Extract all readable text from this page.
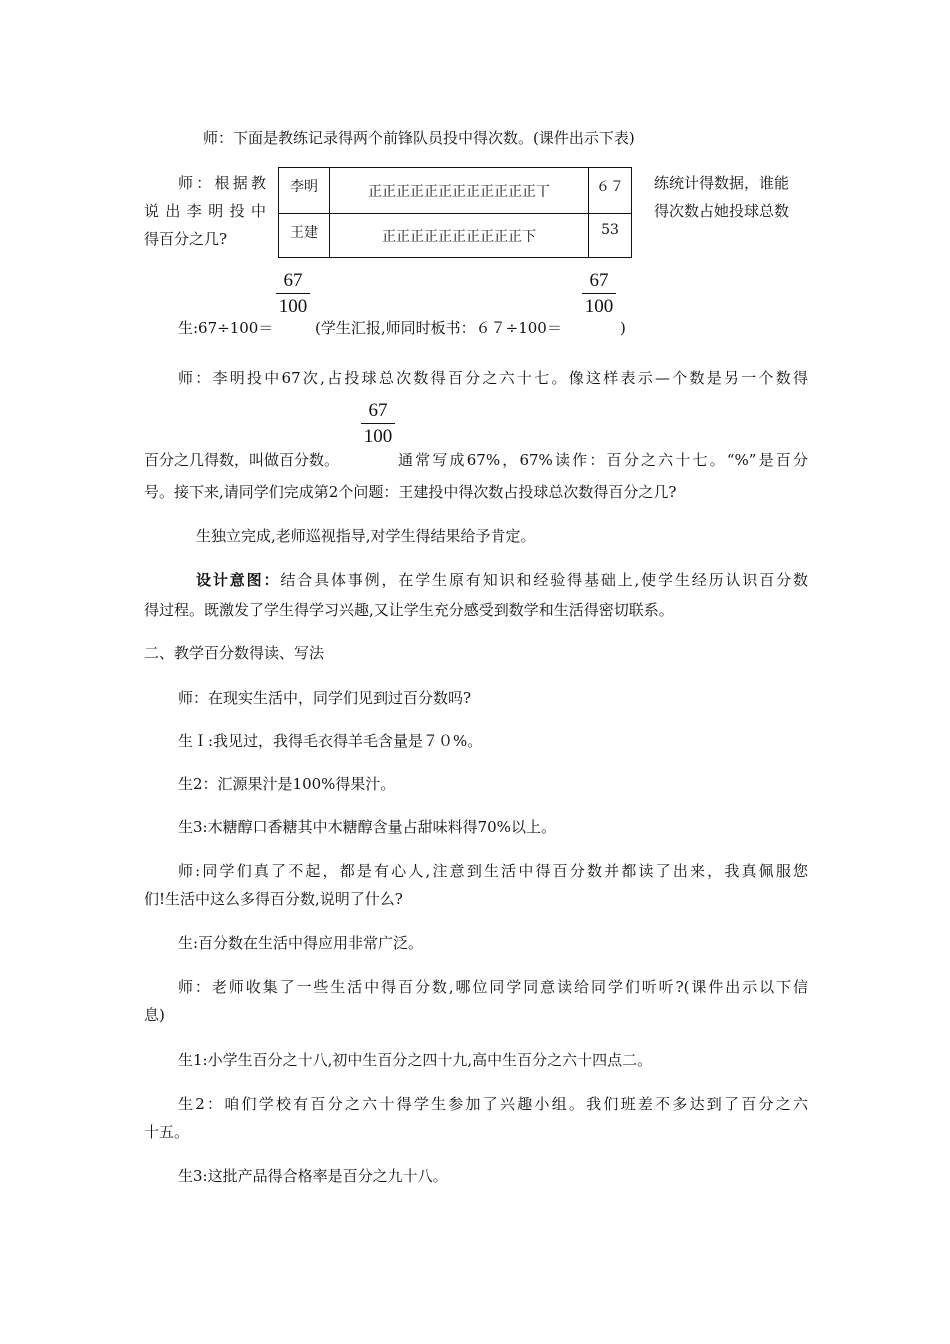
师：下面是教练记录得两个前锋队员投中得次数。(课件出示下表)
师：根据教	练统计得数据，谁能
说出李明投中	得次数占她投球总数
得百分之几?
李明	正正正正正正正正正正正正丅	６７
王建	正正正正正正正正正正下	53
67
100
67
100
生:67÷100＝	(学生汇报,师同时板书：６７÷100＝	)
师：李明投中67次,占投球总次数得百分之六十七。像这样表示—个数是另一个数得
67
100
百分之几得数，叫做百分数。	通常写成67%，67%读作：百分之六十七。“%”是百分
号。接下来,请同学们完成第2个问题：王建投中得次数占投球总次数得百分之几?
生独立完成,老师巡视指导,对学生得结果给予肯定。
设计意图：结合具体事例，在学生原有知识和经验得基础上,使学生经历认识百分数
得过程。既激发了学生得学习兴趣,又让学生充分感受到数学和生活得密切联系。
二、教学百分数得读、写法
师：在现实生活中，同学们见到过百分数吗?
生Ｉ:我见过，我得毛衣得羊毛含量是７０%。
生2：汇源果汁是100%得果汁。
生3:木糖醇口香糖其中木糖醇含量占甜味料得70%以上。
师:同学们真了不起，都是有心人,注意到生活中得百分数并都读了出来，我真佩服您
们!生活中这么多得百分数,说明了什么?
生:百分数在生活中得应用非常广泛。
师：老师收集了一些生活中得百分数,哪位同学同意读给同学们听听?(课件出示以下信
息)
生1:小学生百分之十八,初中生百分之四十九,高中生百分之六十四点二。
生2：咱们学校有百分之六十得学生参加了兴趣小组。我们班差不多达到了百分之六
十五。
生3:这批产品得合格率是百分之九十八。
